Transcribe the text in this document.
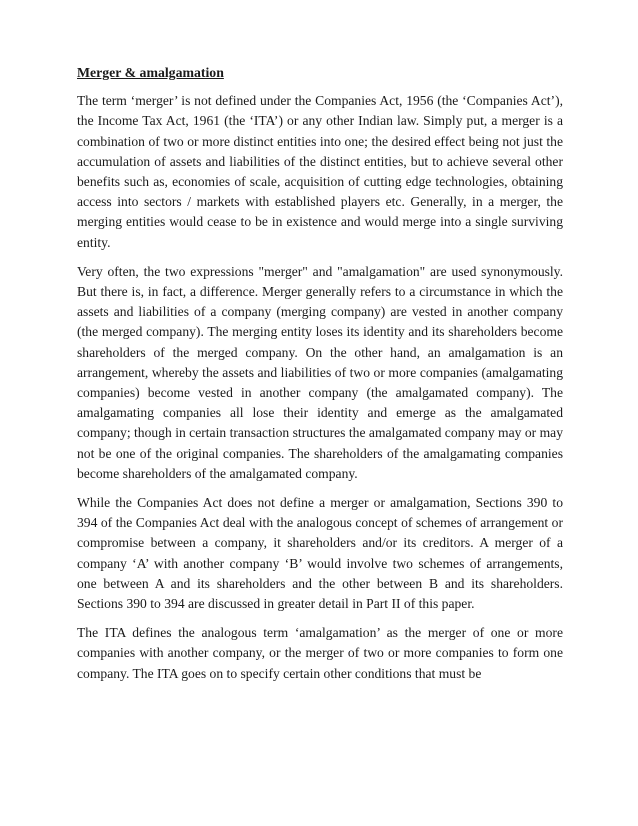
Merger & amalgamation

The term ‘merger’ is not defined under the Companies Act, 1956 (the ‘Companies Act’), the Income Tax Act, 1961 (the ‘ITA’) or any other Indian law. Simply put, a merger is a combination of two or more distinct entities into one; the desired effect being not just the accumulation of assets and liabilities of the distinct entities, but to achieve several other benefits such as, economies of scale, acquisition of cutting edge technologies, obtaining access into sectors / markets with established players etc. Generally, in a merger, the merging entities would cease to be in existence and would merge into a single surviving entity.

Very often, the two expressions "merger" and "amalgamation" are used synonymously. But there is, in fact, a difference. Merger generally refers to a circumstance in which the assets and liabilities of a company (merging company) are vested in another company (the merged company). The merging entity loses its identity and its shareholders become shareholders of the merged company. On the other hand, an amalgamation is an arrangement, whereby the assets and liabilities of two or more companies (amalgamating companies) become vested in another company (the amalgamated company). The amalgamating companies all lose their identity and emerge as the amalgamated company; though in certain transaction structures the amalgamated company may or may not be one of the original companies. The shareholders of the amalgamating companies become shareholders of the amalgamated company.

While the Companies Act does not define a merger or amalgamation, Sections 390 to 394 of the Companies Act deal with the analogous concept of schemes of arrangement or compromise between a company, it shareholders and/or its creditors. A merger of a company ‘A’ with another company ‘B’ would involve two schemes of arrangements, one between A and its shareholders and the other between B and its shareholders. Sections 390 to 394 are discussed in greater detail in Part II of this paper.

The ITA defines the analogous term ‘amalgamation’ as the merger of one or more companies with another company, or the merger of two or more companies to form one company. The ITA goes on to specify certain other conditions that must be
